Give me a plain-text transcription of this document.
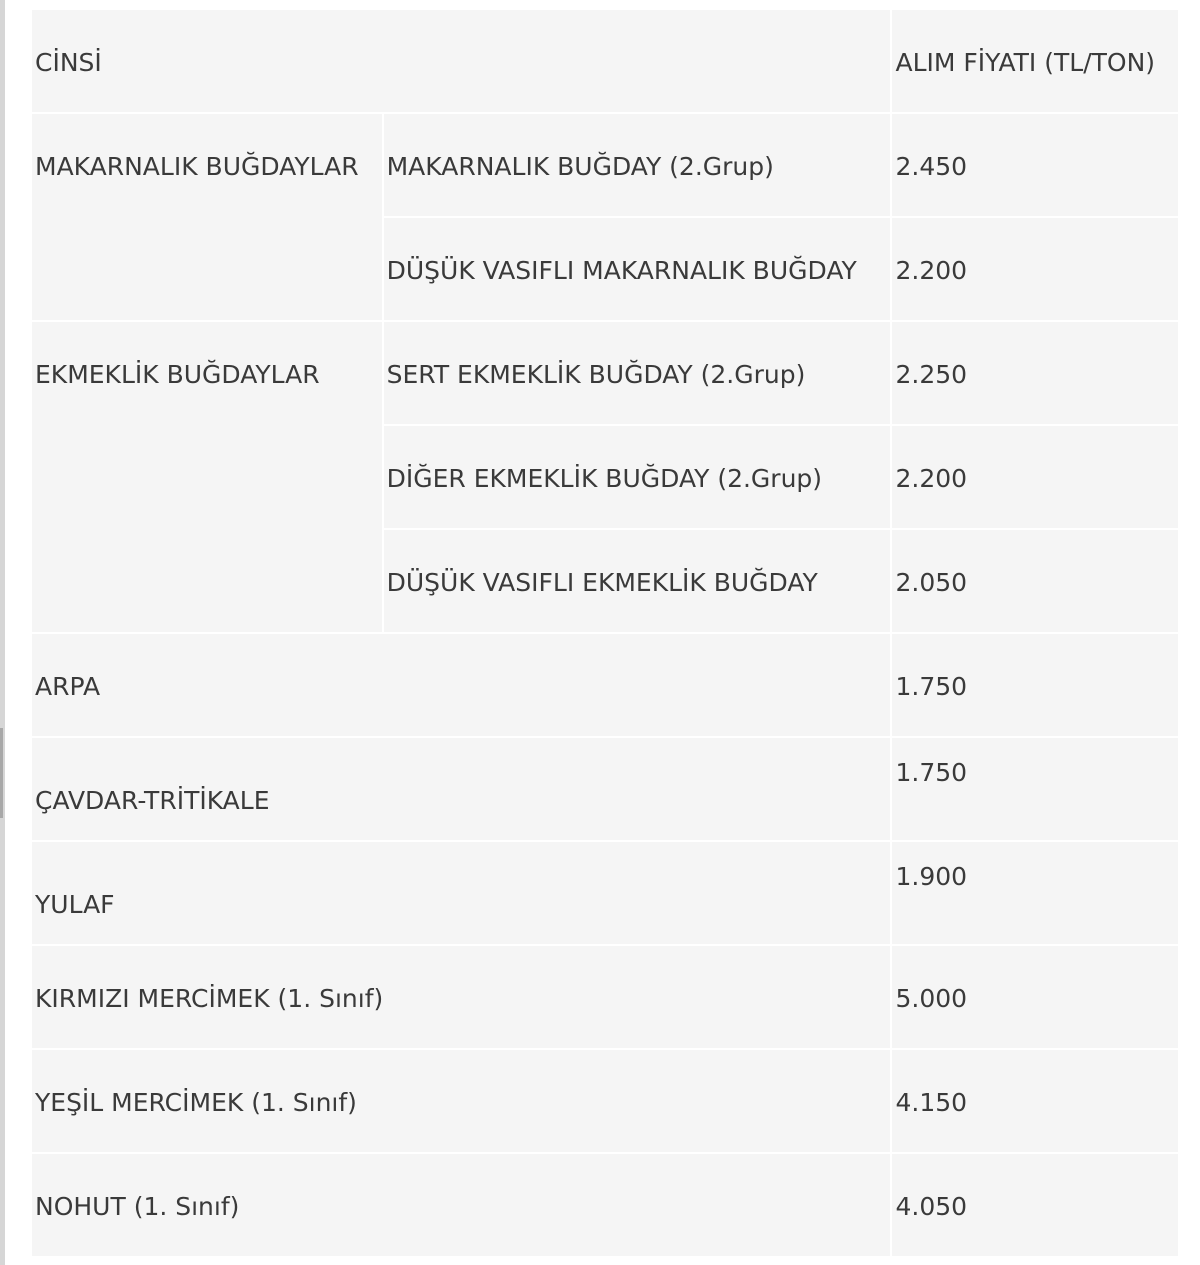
CİNSİ		ALIM FİYATI (TL/TON)
MAKARNALIK BUĞDAYLAR	MAKARNALIK BUĞDAY (2.Grup)	2.450
	DÜŞÜK VASIFLI MAKARNALIK BUĞDAY	2.200
EKMEKLİK BUĞDAYLAR	SERT EKMEKLİK BUĞDAY (2.Grup)	2.250
	DİĞER EKMEKLİK BUĞDAY (2.Grup)	2.200
	DÜŞÜK VASIFLI EKMEKLİK BUĞDAY	2.050
ARPA		1.750
ÇAVDAR-TRİTİKALE		1.750
YULAF		1.900
KIRMIZI MERCİMEK (1. Sınıf)		5.000
YEŞİL MERCİMEK (1. Sınıf)		4.150
NOHUT (1. Sınıf)		4.050
